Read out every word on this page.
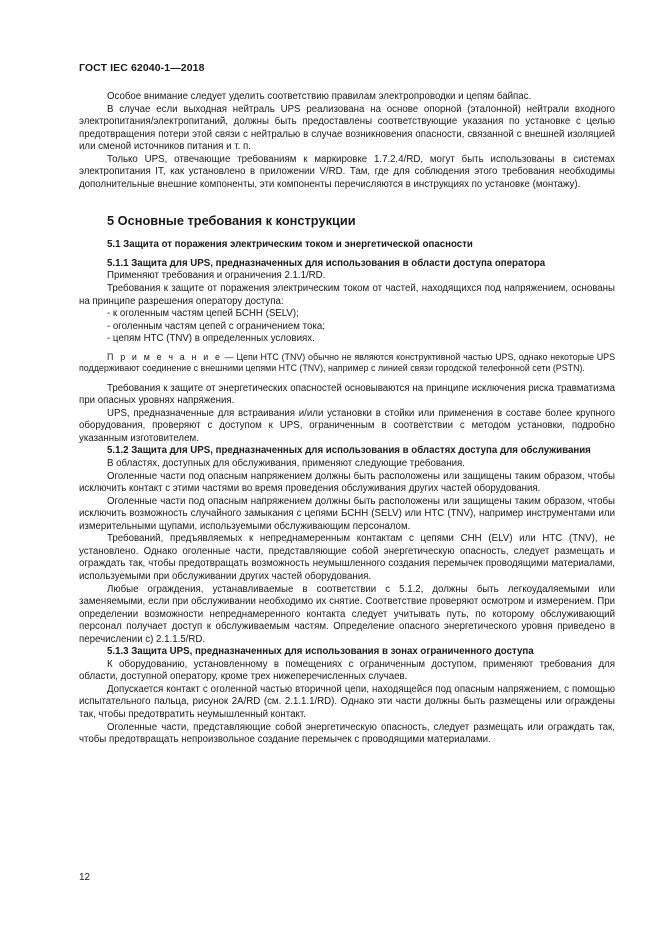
ГОСТ IEC 62040-1—2018

Особое внимание следует уделить соответствию правилам электропроводки и цепям байпас.

В случае если выходная нейтраль UPS реализована на основе опорной (эталонной) нейтрали входного электропитания/электропитаний, должны быть предоставлены соответствующие указания по установке с целью предотвращения потери этой связи с нейтралью в случае возникновения опасности, связанной с внешней изоляцией или сменой источников питания и т. п.

Только UPS, отвечающие требованиям к маркировке 1.7.2.4/RD, могут быть использованы в системах электропитания IT, как установлено в приложении V/RD. Там, где для соблюдения этого требования необходимы дополнительные внешние компоненты, эти компоненты перечисляются в инструкциях по установке (монтажу).

5 Основные требования к конструкции
5.1 Защита от поражения электрическим током и энергетической опасности
5.1.1 Защита для UPS, предназначенных для использования в области доступа оператора

Применяют требования и ограничения 2.1.1/RD.

Требования к защите от поражения электрическим током от частей, находящихся под напряжением, основаны на принципе разрешения оператору доступа:

- к оголенным частям цепей БСНН (SELV);

- оголенным частям цепей с ограничением тока;

- цепям НТС (TNV) в определенных условиях.

П р и м е ч а н и е — Цепи НТС (TNV) обычно не являются конструктивной частью UPS, однако некоторые UPS поддерживают соединение с внешними цепями НТС (TNV), например с линией связи городской телефонной сети (PSTN).

Требования к защите от энергетических опасностей основываются на принципе исключения риска травматизма при опасных уровнях напряжения.

UPS, предназначенные для встраивания и/или установки в стойки или применения в составе более крупного оборудования, проверяют с доступом к UPS, ограниченным в соответствии с методом установки, подробно указанным изготовителем.

5.1.2 Защита для UPS, предназначенных для использования в областях доступа для обслуживания

В областях, доступных для обслуживания, применяют следующие требования.

Оголенные части под опасным напряжением должны быть расположены или защищены таким образом, чтобы исключить контакт с этими частями во время проведения обслуживания других частей оборудования.

Оголенные части под опасным напряжением должны быть расположены или защищены таким образом, чтобы исключить возможность случайного замыкания с цепями БСНН (SELV) или НТС (TNV), например инструментами или измерительными щупами, используемыми обслуживающим персоналом.

Требований, предъявляемых к непреднамеренным контактам с цепями СНН (ELV) или НТС (TNV), не установлено. Однако оголенные части, представляющие собой энергетическую опасность, следует размещать и ограждать так, чтобы предотвращать возможность неумышленного создания перемычек проводящими материалами, используемыми при обслуживании других частей оборудования.

Любые ограждения, устанавливаемые в соответствии с 5.1.2, должны быть легкоудаляемыми или заменяемыми, если при обслуживании необходимо их снятие. Соответствие проверяют осмотром и измерением. При определении возможности непреднамеренного контакта следует учитывать путь, по которому обслуживающий персонал получает доступ к обслуживаемым частям. Определение опасного энергетического уровня приведено в перечислении с) 2.1.1.5/RD.

5.1.3 Защита UPS, предназначенных для использования в зонах ограниченного доступа

К оборудованию, установленному в помещениях с ограниченным доступом, применяют требования для области, доступной оператору, кроме трех нижеперечисленных случаев.

Допускается контакт с оголенной частью вторичной цепи, находящейся под опасным напряжением, с помощью испытательного пальца, рисунок 2А/RD (см. 2.1.1.1/RD). Однако эти части должны быть размещены или ограждены так, чтобы предотвратить неумышленный контакт.

Оголенные части, представляющие собой энергетическую опасность, следует размещать или ограждать так, чтобы предотвращать непроизвольное создание перемычек с проводящими материалами.

12
